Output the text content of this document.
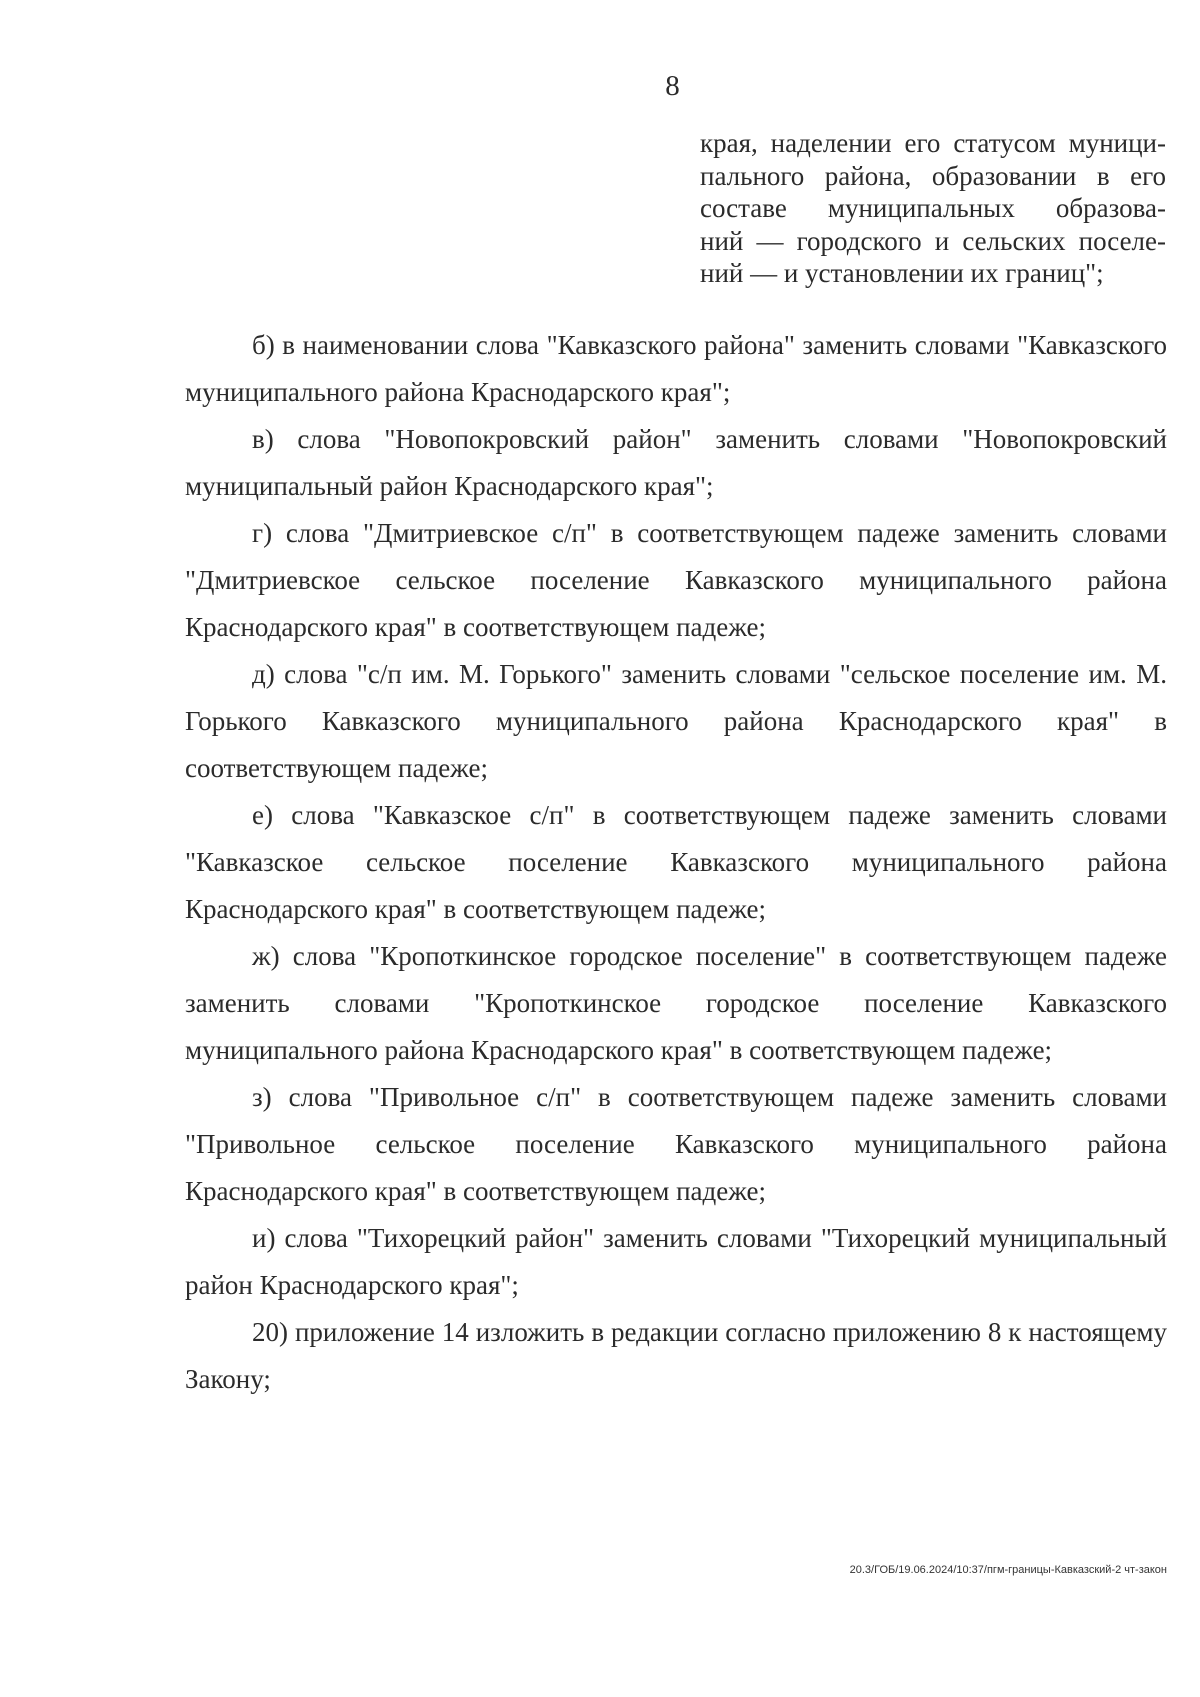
8
края, наделении его статусом муници-
пального района, образовании в его
составе муниципальных образова-
ний — городского и сельских поселе-
ний — и установлении их границ";

б) в наименовании слова "Кавказского района" заменить словами "Кавказского муниципального района Краснодарского края";

в) слова "Новопокровский район" заменить словами "Новопокровский муниципальный район Краснодарского края";

г) слова "Дмитриевское с/п" в соответствующем падеже заменить словами "Дмитриевское сельское поселение Кавказского муниципального района Краснодарского края" в соответствующем падеже;

д) слова "с/п им. М. Горького" заменить словами "сельское поселение им. М. Горького Кавказского муниципального района Краснодарского края" в соответствующем падеже;

е) слова "Кавказское с/п" в соответствующем падеже заменить словами "Кавказское сельское поселение Кавказского муниципального района Краснодарского края" в соответствующем падеже;

ж) слова "Кропоткинское городское поселение" в соответствующем падеже заменить словами "Кропоткинское городское поселение Кавказского муниципального района Краснодарского края" в соответствующем падеже;

з) слова "Привольное с/п" в соответствующем падеже заменить словами "Привольное сельское поселение Кавказского муниципального района Краснодарского края" в соответствующем падеже;

и) слова "Тихорецкий район" заменить словами "Тихорецкий муниципальный район Краснодарского края";

20) приложение 14 изложить в редакции согласно приложению 8 к настоящему Закону;

20.3/ГОБ/19.06.2024/10:37/пгм-границы-Кавказский-2 чт-закон
